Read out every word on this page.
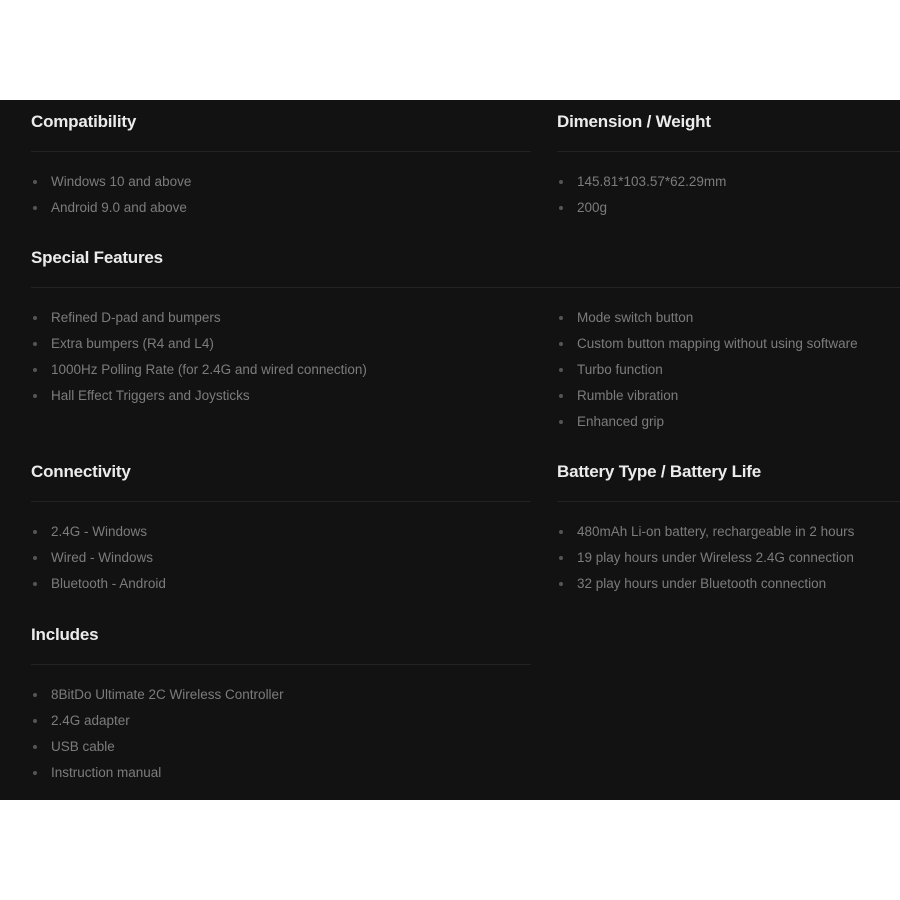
Compatibility
Windows 10 and above
Android 9.0 and above
Dimension / Weight
145.81*103.57*62.29mm
200g
Special Features
Refined D-pad and bumpers
Extra bumpers (R4 and L4)
1000Hz Polling Rate (for 2.4G and wired connection)
Hall Effect Triggers and Joysticks
Mode switch button
Custom button mapping without using software
Turbo function
Rumble vibration
Enhanced grip
Connectivity
2.4G - Windows
Wired - Windows
Bluetooth - Android
Battery Type / Battery Life
480mAh Li-on battery, rechargeable in 2 hours
19 play hours under Wireless 2.4G connection
32 play hours under Bluetooth connection
Includes
8BitDo Ultimate 2C Wireless Controller
2.4G adapter
USB cable
Instruction manual
